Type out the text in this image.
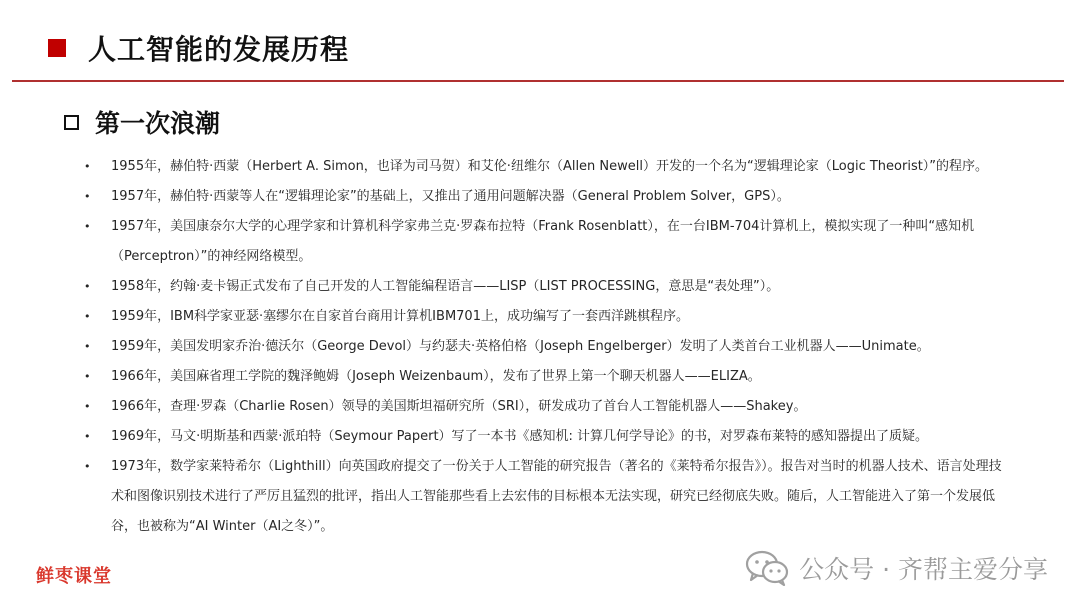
人工智能的发展历程
第一次浪潮
•	1955年，赫伯特·西蒙（Herbert A. Simon，也译为司马贺）和艾伦·纽维尔（Allen Newell）开发的一个名为“逻辑理论家（Logic Theorist）”的程序。
•	1957年，赫伯特·西蒙等人在“逻辑理论家”的基础上，又推出了通用问题解决器（General Problem Solver，GPS）。
•	1957年，美国康奈尔大学的心理学家和计算机科学家弗兰克·罗森布拉特（Frank Rosenblatt），在一台IBM-704计算机上，模拟实现了一种叫“感知机（Perceptron）”的神经网络模型。
•	1958年，约翰·麦卡锡正式发布了自己开发的人工智能编程语言——LISP（LIST PROCESSING，意思是“表处理”）。
•	1959年，IBM科学家亚瑟·塞缪尔在自家首台商用计算机IBM701上，成功编写了一套西洋跳棋程序。
•	1959年，美国发明家乔治·德沃尔（George Devol）与约瑟夫·英格伯格（Joseph Engelberger）发明了人类首台工业机器人——Unimate。
•	1966年，美国麻省理工学院的魏泽鲍姆（Joseph Weizenbaum），发布了世界上第一个聊天机器人——ELIZA。
•	1966年，查理·罗森（Charlie Rosen）领导的美国斯坦福研究所（SRI），研发成功了首台人工智能机器人——Shakey。
•	1969年，马文·明斯基和西蒙·派珀特（Seymour Papert）写了一本书《感知机: 计算几何学导论》的书，对罗森布莱特的感知器提出了质疑。
•	1973年，数学家莱特希尔（Lighthill）向英国政府提交了一份关于人工智能的研究报告（著名的《莱特希尔报告》）。报告对当时的机器人技术、语言处理技术和图像识别技术进行了严厉且猛烈的批评，指出人工智能那些看上去宏伟的目标根本无法实现，研究已经彻底失败。随后，人工智能进入了第一个发展低谷，也被称为“AI Winter（AI之冬）”。
鲜枣课堂	公众号 · 齐帮主爱分享
